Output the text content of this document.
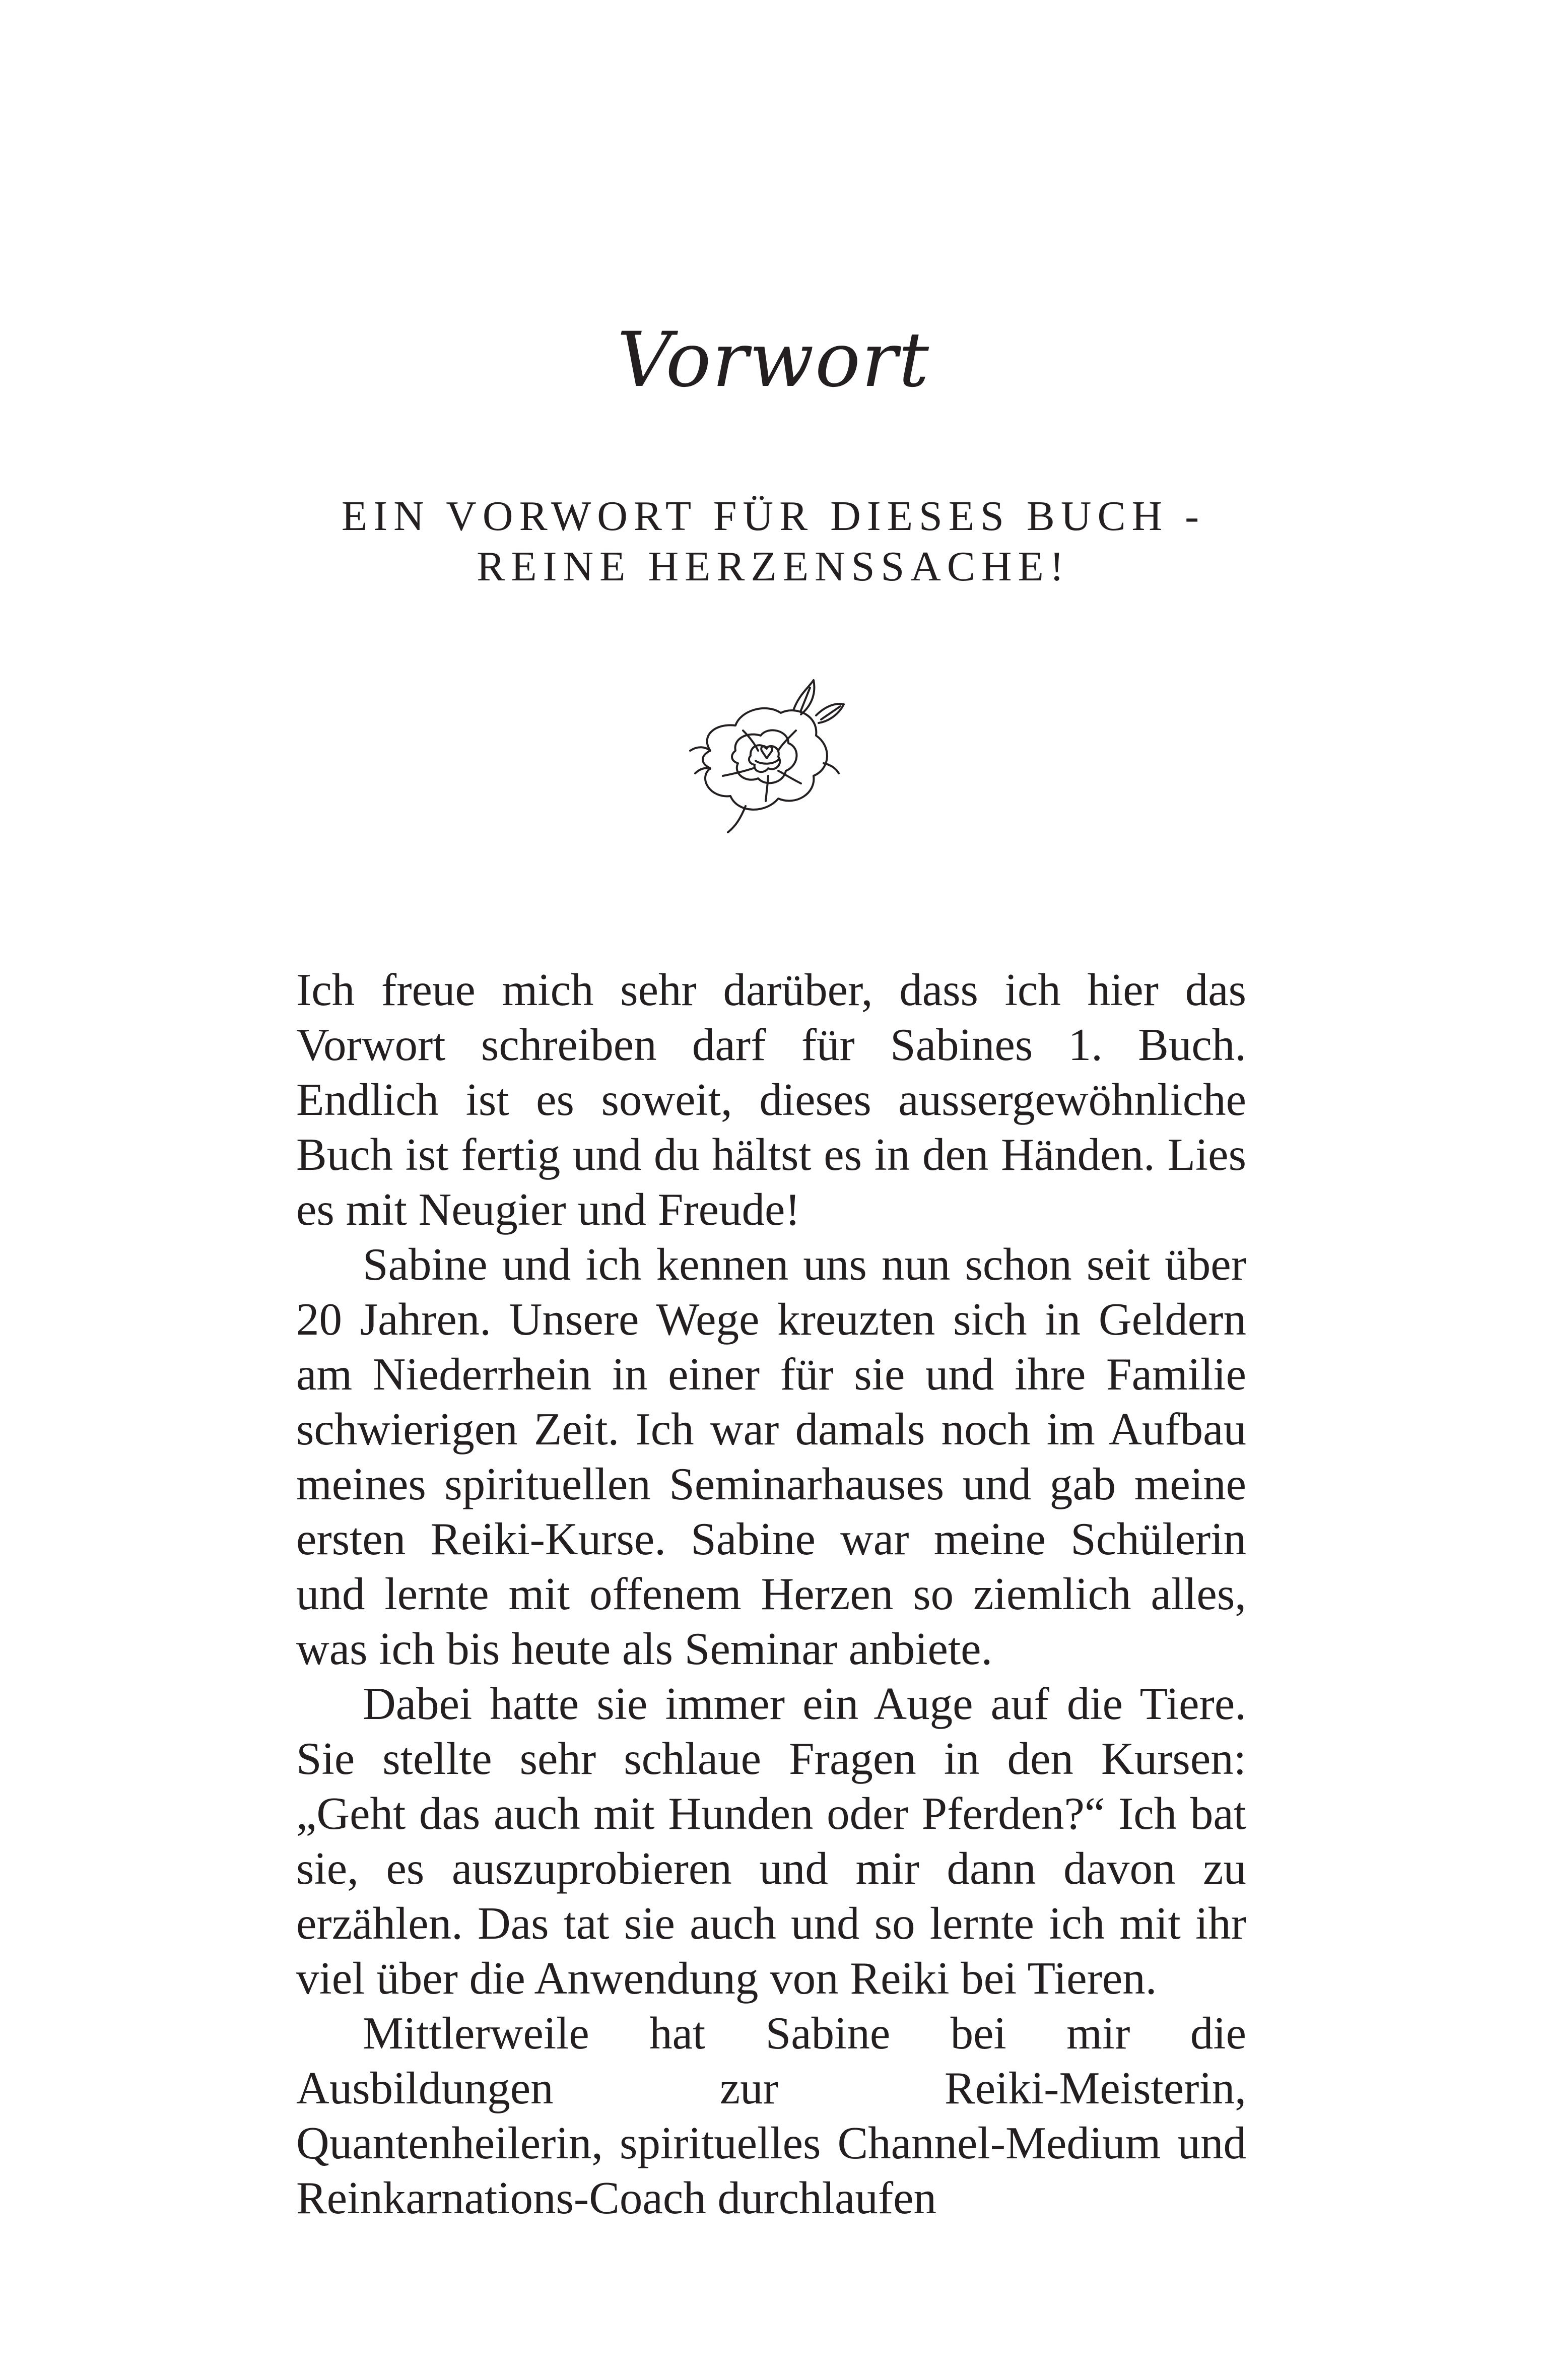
Vorwort
EIN VORWORT FÜR DIESES BUCH - REINE HERZENSSACHE!

Ich freue mich sehr darüber, dass ich hier das Vorwort schreiben darf für Sabines 1. Buch. Endlich ist es soweit, dieses aussergewöhnliche Buch ist fertig und du hältst es in den Händen. Lies es mit Neugier und Freude!

Sabine und ich kennen uns nun schon seit über 20 Jahren. Unsere Wege kreuzten sich in Geldern am Niederrhein in einer für sie und ihre Familie schwierigen Zeit. Ich war damals noch im Aufbau meines spirituellen Seminarhauses und gab meine ersten Reiki-Kurse. Sabine war meine Schülerin und lernte mit offenem Herzen so ziemlich alles, was ich bis heute als Seminar anbiete.

Dabei hatte sie immer ein Auge auf die Tiere. Sie stellte sehr schlaue Fragen in den Kursen: „Geht das auch mit Hunden oder Pferden?“ Ich bat sie, es auszuprobieren und mir dann davon zu erzählen. Das tat sie auch und so lernte ich mit ihr viel über die Anwendung von Reiki bei Tieren.

Mittlerweile hat Sabine bei mir die Ausbildungen zur Reiki-Meisterin, Quantenheilerin, spirituelles Channel-Medium und Reinkarnations-Coach durchlaufen
